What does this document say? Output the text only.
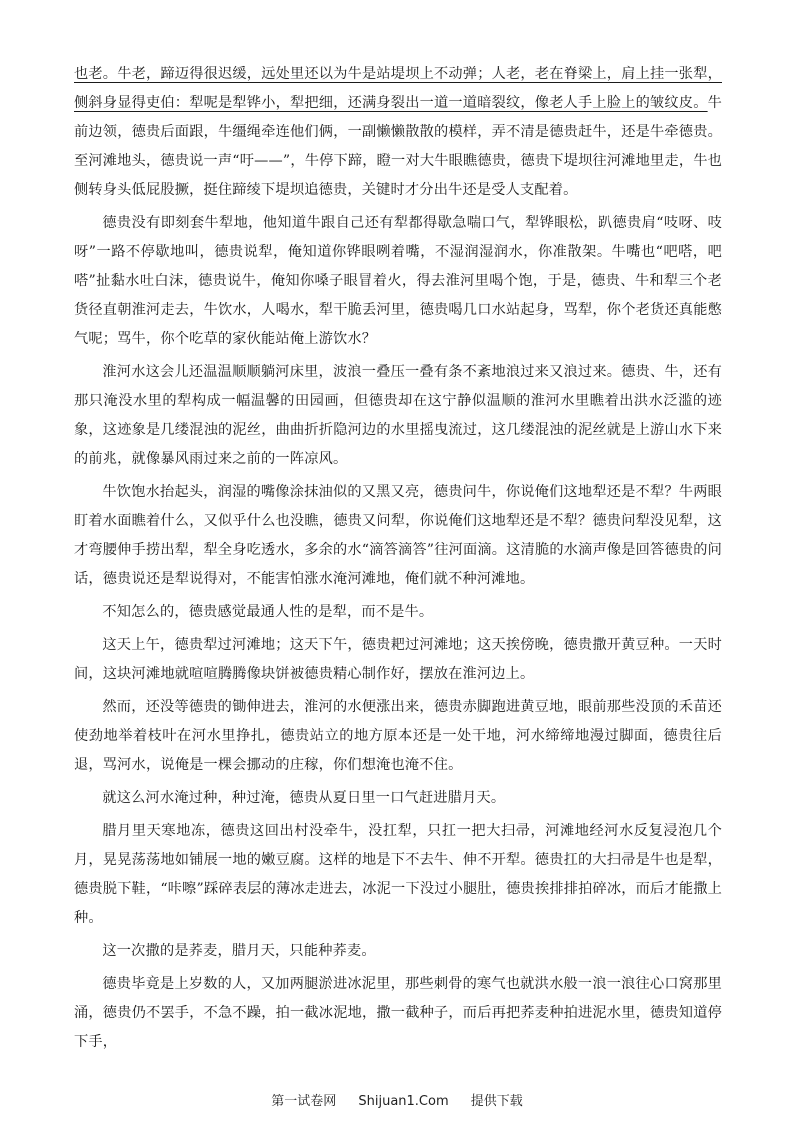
也老。牛老，蹄迈得很迟缓，远处里还以为牛是站堤坝上不动弹；人老，老在脊梁上，肩上挂一张犁，侧斜身显得吏伯：犁呢是犁铧小，犁把细，还满身裂出一道一道暗裂纹，像老人手上脸上的皱纹皮。牛前边领，德贵后面跟，牛缰绳牵连他们俩，一副懒懒散散的模样，弄不清是德贵赶牛，还是牛牵德贵。至河滩地头，德贵说一声“吁——”，牛停下蹄，瞪一对大牛眼瞧德贵，德贵下堤坝往河滩地里走，牛也侧转身头低屁股撅，挺住蹄绫下堤坝追德贵，关键时才分出牛还是受人支配着。

德贵没有即刻套牛犁地，他知道牛跟自己还有犁都得歇急喘口气，犁铧眼松，趴德贵肩“吱呀、吱呀”一路不停歇地叫，德贵说犁，俺知道你铧眼咧着嘴，不湿润湿润水，你准散架。牛嘴也“吧嗒，吧嗒”扯黏水吐白沫，德贵说牛，俺知你嗓子眼冒着火，得去淮河里喝个饱，于是，德贵、牛和犁三个老货径直朝淮河走去，牛饮水，人喝水，犁干脆丢河里，德贵喝几口水站起身，骂犁，你个老货还真能憋气呢；骂牛，你个吃草的家伙能站俺上游饮水？

淮河水这会儿还温温顺顺躺河床里，波浪一叠压一叠有条不紊地浪过来又浪过来。德贵、牛，还有那只淹没水里的犁构成一幅温馨的田园画，但德贵却在这宁静似温顺的淮河水里瞧着出洪水泛滥的迹象，这迹象是几缕混浊的泥丝，曲曲折折隐河边的水里摇曳流过，这几缕混浊的泥丝就是上游山水下来的前兆，就像暴风雨过来之前的一阵凉风。

牛饮饱水抬起头，润湿的嘴像涂抹油似的又黑又亮，德贵问牛，你说俺们这地犁还是不犁？牛两眼盯着水面瞧着什么，又似乎什么也没瞧，德贵又问犁，你说俺们这地犁还是不犁？德贵问犁没见犁，这才弯腰伸手捞出犁，犁全身吃透水，多余的水“滴答滴答”往河面滴。这清脆的水滴声像是回答德贵的问话，德贵说还是犁说得对，不能害怕涨水淹河滩地，俺们就不种河滩地。

不知怎么的，德贵感觉最通人性的是犁，而不是牛。

这天上午，德贵犁过河滩地；这天下午，德贵耙过河滩地；这天挨傍晚，德贵撒开黄豆种。一天时间，这块河滩地就喧喧腾腾像块饼被德贵精心制作好，摆放在淮河边上。

然而，还没等德贵的锄伸进去，淮河的水便涨出来，德贵赤脚跑进黄豆地，眼前那些没顶的禾苗还使劲地举着枝叶在河水里挣扎，德贵站立的地方原本还是一处干地，河水缔缔地漫过脚面，德贵往后退，骂河水，说俺是一棵会挪动的庄稼，你们想淹也淹不住。

就这么河水淹过种，种过淹，德贵从夏日里一口气赶进腊月天。

腊月里天寒地冻，德贵这回出村没牵牛，没扛犁，只扛一把大扫帚，河滩地经河水反复浸泡几个月，晃晃荡荡地如铺展一地的嫩豆腐。这样的地是下不去牛、伸不开犁。德贵扛的大扫帚是牛也是犁，德贵脱下鞋，“咔嚓”踩碎表层的薄冰走进去，冰泥一下没过小腿肚，德贵挨排排拍碎冰，而后才能撒上种。

这一次撒的是荞麦，腊月天，只能种荞麦。

德贵毕竟是上岁数的人，又加两腿淤进冰泥里，那些刺骨的寒气也就洪水般一浪一浪往心口窝那里涌，德贵仍不罢手，不急不躁，拍一截冰泥地，撒一截种子，而后再把荞麦种拍进泥水里，德贵知道停下手，

第一试卷网 Shijuan1.Com 提供下载
